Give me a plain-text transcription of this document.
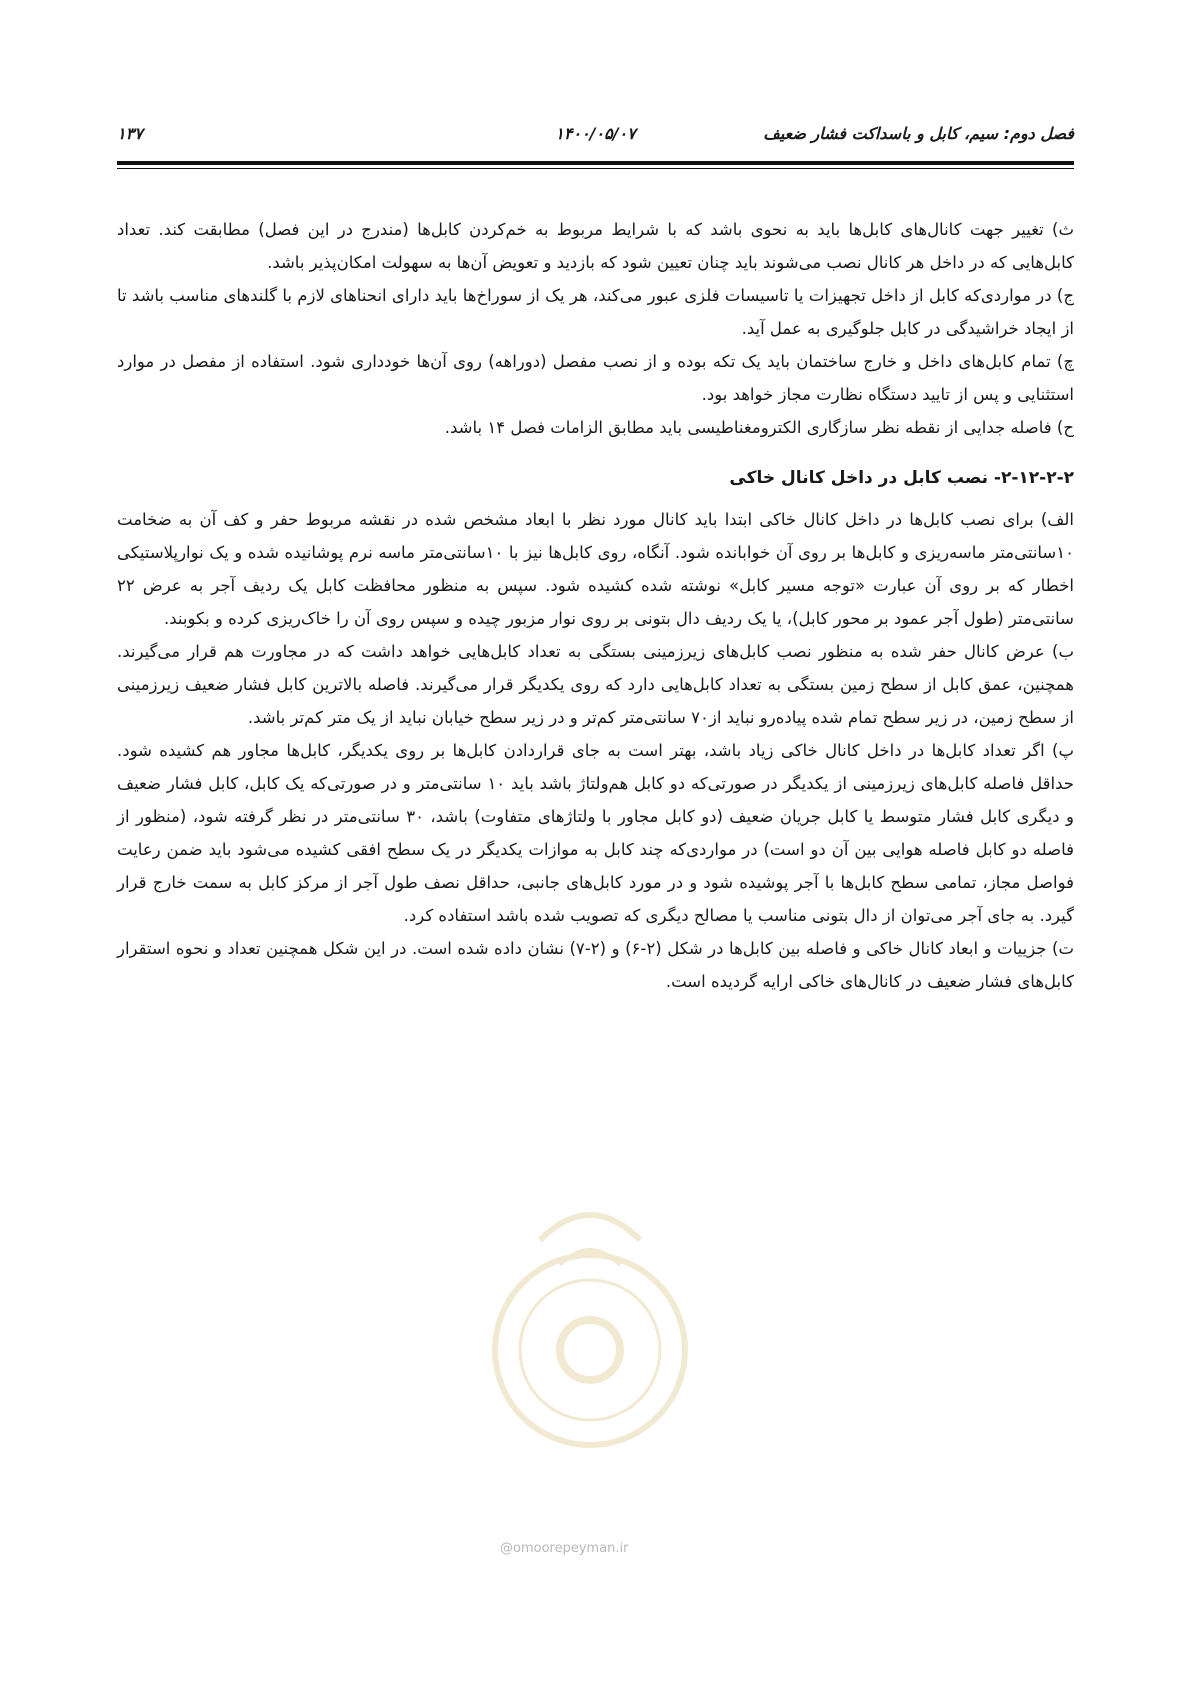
فصل دوم: سیم، کابل و باسداکت فشار ضعیف
۱۴۰۰/۰۵/۰۷
١٣٧

ث) تغییر جهت کانال‌های کابل‌ها باید به نحوی باشد که با شرایط مربوط به خم‌کردن کابل‌ها (مندرج در این فصل) مطابقت کند. تعداد کابل‌هایی که در داخل هر کانال نصب می‌شوند باید چنان تعیین شود که بازدید و تعویض آن‌ها به سهولت امکان‌پذیر باشد.

ج) در مواردی‌که کابل از داخل تجهیزات یا تاسیسات فلزی عبور می‌کند، هر یک از سوراخ‌ها باید دارای انحناهای لازم با گلندهای مناسب باشد تا از ایجاد خراشیدگی در کابل جلوگیری به عمل آید.

چ) تمام کابل‌های داخل و خارج ساختمان باید یک تکه بوده و از نصب مفصل (دوراهه) روی آن‌ها خودداری شود. استفاده از مفصل در موارد استثنایی و پس از تایید دستگاه نظارت مجاز خواهد بود.

ح) فاصله جدایی از نقطه نظر سازگاری الکترومغناطیسی باید مطابق الزامات فصل ۱۴ باشد.

۲-۱۲-۲-۲- نصب کابل در داخل کانال خاکی

الف) برای نصب کابل‌ها در داخل کانال خاکی ابتدا باید کانال مورد نظر با ابعاد مشخص شده در نقشه مربوط حفر و کف آن به ضخامت ۱۰سانتی‌متر ماسه‌ریزی و کابل‌ها بر روی آن خوابانده شود. آنگاه، روی کابل‌ها نیز با ۱۰سانتی‌متر ماسه نرم پوشانیده شده و یک نوارپلاستیکی اخطار که بر روی آن عبارت «توجه مسیر کابل» نوشته شده کشیده شود. سپس به منظور محافظت کابل یک ردیف آجر به عرض ۲۲ سانتی‌متر (طول آجر عمود بر محور کابل)، یا یک ردیف دال بتونی بر روی نوار مزبور چیده و سپس روی آن را خاک‌ریزی کرده و بکوبند.

ب) عرض کانال حفر شده به منظور نصب کابل‌های زیرزمینی بستگی به تعداد کابل‌هایی خواهد داشت که در مجاورت هم قرار می‌گیرند. همچنین، عمق کابل از سطح زمین بستگی به تعداد کابل‌هایی دارد که روی یکدیگر قرار می‌گیرند. فاصله بالاترین کابل فشار ضعیف زیرزمینی از سطح زمین، در زیر سطح تمام شده پیاده‌رو نباید از۷۰ سانتی‌متر کم‌تر و در زیر سطح خیابان نباید از یک متر کم‌تر باشد.

پ) اگر تعداد کابل‌ها در داخل کانال خاکی زیاد باشد، بهتر است به جای قراردادن کابل‌ها بر روی یکدیگر، کابل‌ها مجاور هم کشیده شود. حداقل فاصله کابل‌های زیرزمینی از یکدیگر در صورتی‌که دو کابل هم‌ولتاژ باشد باید ۱۰ سانتی‌متر و در صورتی‌که یک کابل، کابل فشار ضعیف و دیگری کابل فشار متوسط یا کابل جریان ضعیف (دو کابل مجاور با ولتاژهای متفاوت) باشد، ۳۰ سانتی‌متر در نظر گرفته شود، (منظور از فاصله دو کابل فاصله هوایی بین آن دو است) در مواردی‌که چند کابل به موازات یکدیگر در یک سطح افقی کشیده می‌شود باید ضمن رعایت فواصل مجاز، تمامی سطح کابل‌ها با آجر پوشیده شود و در مورد کابل‌های جانبی، حداقل نصف طول آجر از مرکز کابل به سمت خارج قرار گیرد. به جای آجر می‌توان از دال بتونی مناسب یا مصالح دیگری که تصویب شده باشد استفاده کرد.

ت) جزییات و ابعاد کانال خاکی و فاصله بین کابل‌ها در شکل (۲-۶) و (۲-۷) نشان داده شده است. در این شکل همچنین تعداد و نحوه استقرار کابل‌های فشار ضعیف در کانال‌های خاکی ارایه گردیده است.

@omoorepeyman.ir
